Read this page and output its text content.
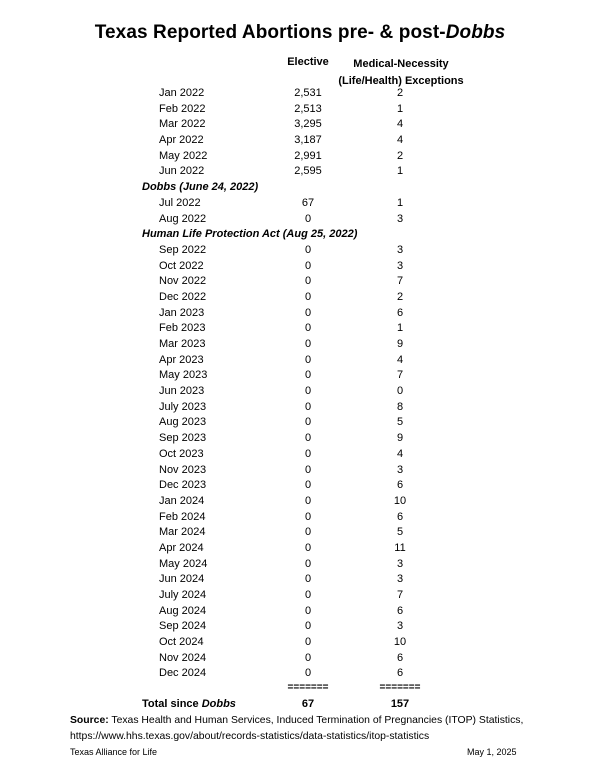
Texas Reported Abortions pre- & post-Dobbs
Elective	Medical-Necessity
(Life/Health) Exceptions
Jan 2022	2,531	2
Feb 2022	2,513	1
Mar 2022	3,295	4
Apr 2022	3,187	4
May 2022	2,991	2
Jun 2022	2,595	1
Dobbs (June 24, 2022)
Jul 2022	67	1
Aug 2022	0	3
Human Life Protection Act (Aug 25, 2022)
Sep 2022	0	3
Oct 2022	0	3
Nov 2022	0	7
Dec 2022	0	2
Jan 2023	0	6
Feb 2023	0	1
Mar 2023	0	9
Apr 2023	0	4
May 2023	0	7
Jun 2023	0	0
July 2023	0	8
Aug 2023	0	5
Sep 2023	0	9
Oct 2023	0	4
Nov 2023	0	3
Dec 2023	0	6
Jan 2024	0	10
Feb 2024	0	6
Mar 2024	0	5
Apr 2024	0	11
May 2024	0	3
Jun 2024	0	3
July 2024	0	7
Aug 2024	0	6
Sep 2024	0	3
Oct 2024	0	10
Nov 2024	0	6
Dec 2024	0	6
=======	=======
Total since Dobbs	67	157
Source: Texas Health and Human Services, Induced Termination of Pregnancies (ITOP) Statistics, https://www.hhs.texas.gov/about/records-statistics/data-statistics/itop-statistics
Texas Alliance for Life	May 1, 2025
